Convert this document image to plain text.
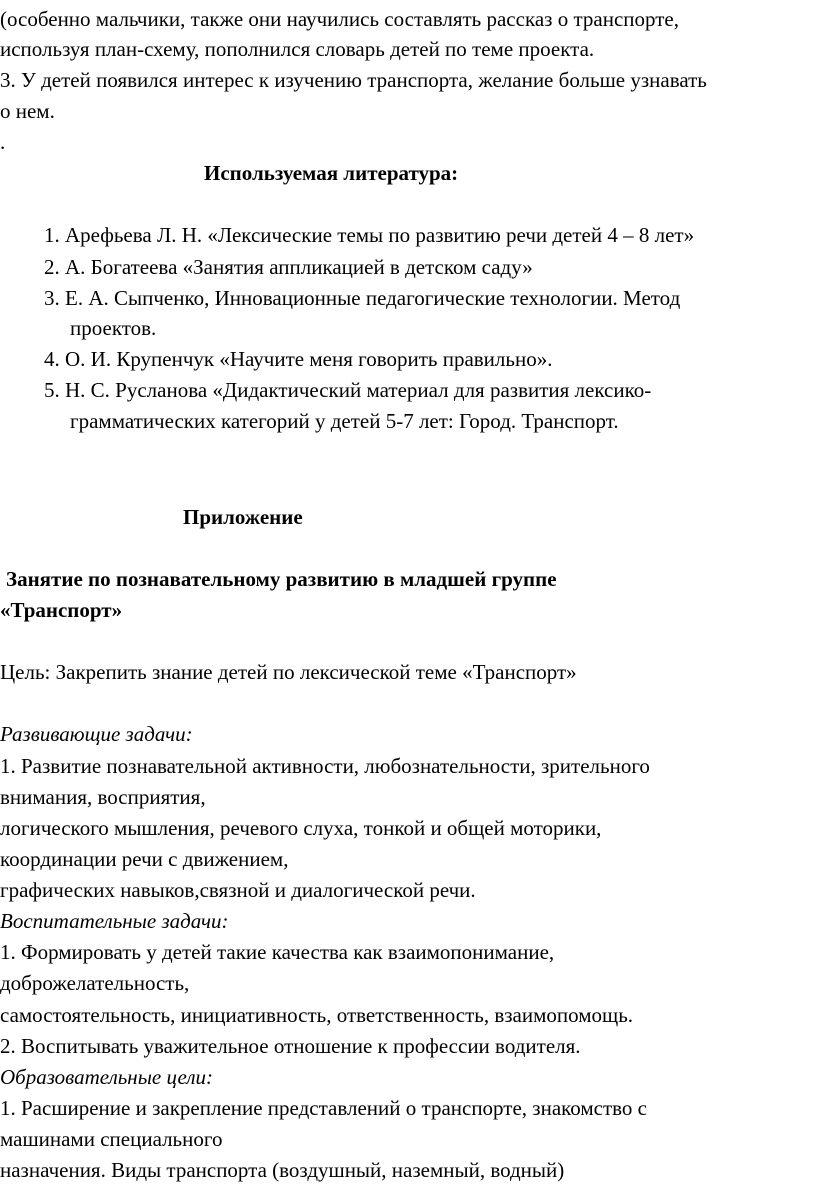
(особенно мальчики, также они научились составлять рассказ о транспорте,
используя план-схему, пополнился словарь детей по теме проекта.
3. У детей появился интерес к изучению транспорта, желание больше узнавать
о нем.
.
Используемая литература:
1. Арефьева Л. Н. «Лексические темы по развитию речи детей 4 – 8 лет»
2. А. Богатеева «Занятия аппликацией в детском саду»
3. Е. А. Сыпченко, Инновационные педагогические технологии. Метод
проектов.
4. О. И. Крупенчук «Научите меня говорить правильно».
5. Н. С. Русланова «Дидактический материал для развития лексико-
грамматических категорий у детей 5-7 лет: Город. Транспорт.
Приложение
Занятие по познавательному развитию в младшей группе
«Транспорт»
Цель: Закрепить знание детей по лексической теме «Транспорт»
Развивающие задачи:
1. Развитие познавательной активности, любознательности, зрительного
внимания, восприятия,
логического мышления, речевого слуха, тонкой и общей моторики,
координации речи с движением,
графических навыков,связной и диалогической речи.
Воспитательные задачи:
1. Формировать у детей такие качества как взаимопонимание,
доброжелательность,
самостоятельность, инициативность, ответственность, взаимопомощь.
2. Воспитывать уважительное отношение к профессии водителя.
Образовательные цели:
1. Расширение и закрепление представлений о транспорте, знакомство с
машинами специального
назначения. Виды транспорта (воздушный, наземный, водный)
